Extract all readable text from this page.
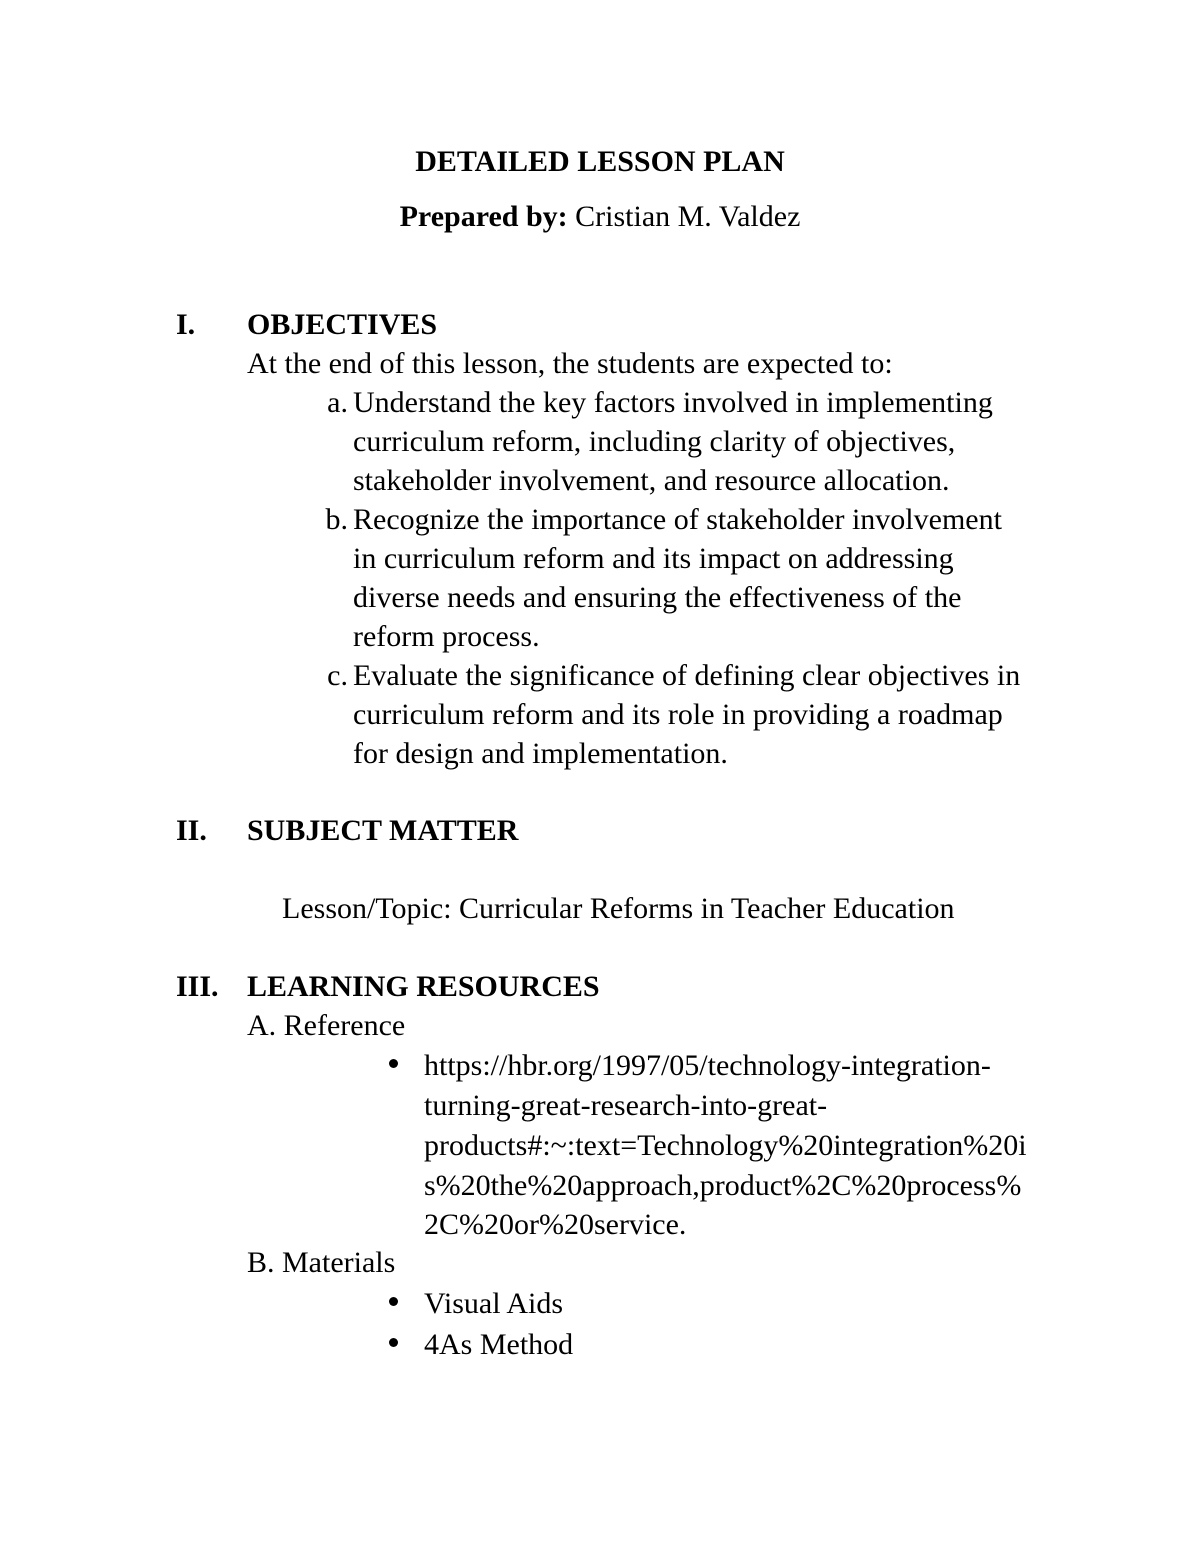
DETAILED LESSON PLAN
Prepared by: Cristian M. Valdez
I. OBJECTIVES
At the end of this lesson, the students are expected to:
a. Understand the key factors involved in implementing
curriculum reform, including clarity of objectives,
stakeholder involvement, and resource allocation.
b. Recognize the importance of stakeholder involvement
in curriculum reform and its impact on addressing
diverse needs and ensuring the effectiveness of the
reform process.
c. Evaluate the significance of defining clear objectives in
curriculum reform and its role in providing a roadmap
for design and implementation.
II. SUBJECT MATTER
Lesson/Topic: Curricular Reforms in Teacher Education
III. LEARNING RESOURCES
A. Reference
https://hbr.org/1997/05/technology-integration-
turning-great-research-into-great-
products#:~:text=Technology%20integration%20i
s%20the%20approach,product%2C%20process%
2C%20or%20service.
B. Materials
Visual Aids
4As Method
